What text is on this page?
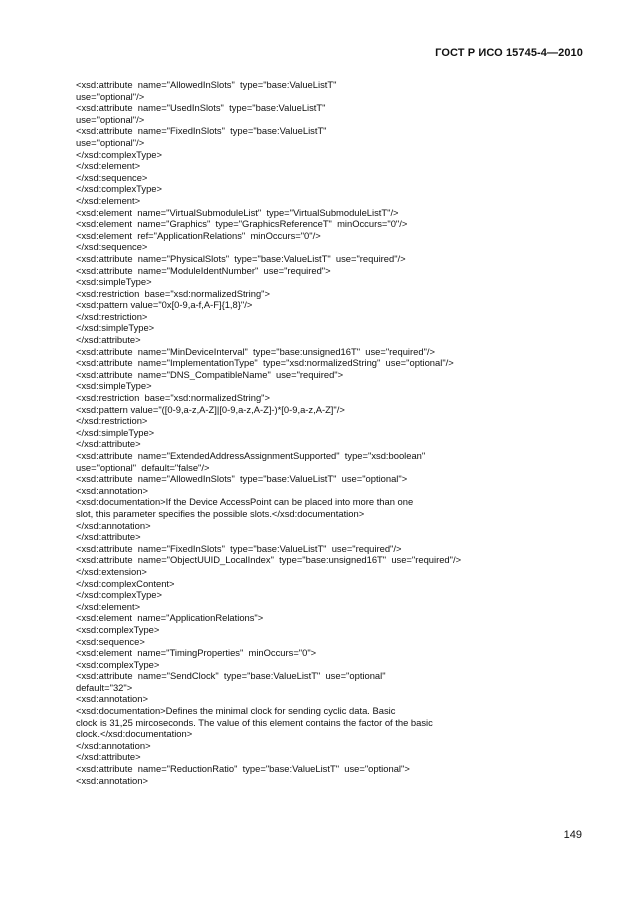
ГОСТ Р ИСО 15745-4—2010
<xsd:attribute  name="AllowedInSlots"  type="base:ValueListT"
use="optional"/>
<xsd:attribute  name="UsedInSlots"  type="base:ValueListT"
use="optional"/>
<xsd:attribute  name="FixedInSlots"  type="base:ValueListT"
use="optional"/>
</xsd:complexType>
</xsd:element>
</xsd:sequence>
</xsd:complexType>
</xsd:element>
<xsd:element  name="VirtualSubmoduleList"  type="VirtualSubmoduleListT"/>
<xsd:element  name="Graphics"  type="GraphicsReferenceT"  minOccurs="0"/>
<xsd:element  ref="ApplicationRelations"  minOccurs="0"/>
</xsd:sequence>
<xsd:attribute  name="PhysicalSlots"  type="base:ValueListT"  use="required"/>
<xsd:attribute  name="ModuleIdentNumber"  use="required">
<xsd:simpleType>
<xsd:restriction  base="xsd:normalizedString">
<xsd:pattern value="0x[0-9,a-f,A-F]{1,8}"/>
</xsd:restriction>
</xsd:simpleType>
</xsd:attribute>
<xsd:attribute  name="MinDeviceInterval"  type="base:unsigned16T"  use="required"/>
<xsd:attribute  name="ImplementationType"  type="xsd:normalizedString"  use="optional"/>
<xsd:attribute  name="DNS_CompatibleName"  use="required">
<xsd:simpleType>
<xsd:restriction  base="xsd:normalizedString">
<xsd:pattern value="([0-9,a-z,A-Z]|[0-9,a-z,A-Z]-)*[0-9,a-z,A-Z]"/>
</xsd:restriction>
</xsd:simpleType>
</xsd:attribute>
<xsd:attribute  name="ExtendedAddressAssignmentSupported"  type="xsd:boolean"
use="optional"  default="false"/>
<xsd:attribute  name="AllowedInSlots"  type="base:ValueListT"  use="optional">
<xsd:annotation>
<xsd:documentation>If the Device AccessPoint can be placed into more than one
slot, this parameter specifies the possible slots.</xsd:documentation>
</xsd:annotation>
</xsd:attribute>
<xsd:attribute  name="FixedInSlots"  type="base:ValueListT"  use="required"/>
<xsd:attribute  name="ObjectUUID_LocalIndex"  type="base:unsigned16T"  use="required"/>
</xsd:extension>
</xsd:complexContent>
</xsd:complexType>
</xsd:element>
<xsd:element  name="ApplicationRelations">
<xsd:complexType>
<xsd:sequence>
<xsd:element  name="TimingProperties"  minOccurs="0">
<xsd:complexType>
<xsd:attribute  name="SendClock"  type="base:ValueListT"  use="optional"
default="32">
<xsd:annotation>
<xsd:documentation>Defines the minimal clock for sending cyclic data. Basic
clock is 31,25 mircoseconds. The value of this element contains the factor of the basic
clock.</xsd:documentation>
</xsd:annotation>
</xsd:attribute>
<xsd:attribute  name="ReductionRatio"  type="base:ValueListT"  use="optional">
<xsd:annotation>
149
